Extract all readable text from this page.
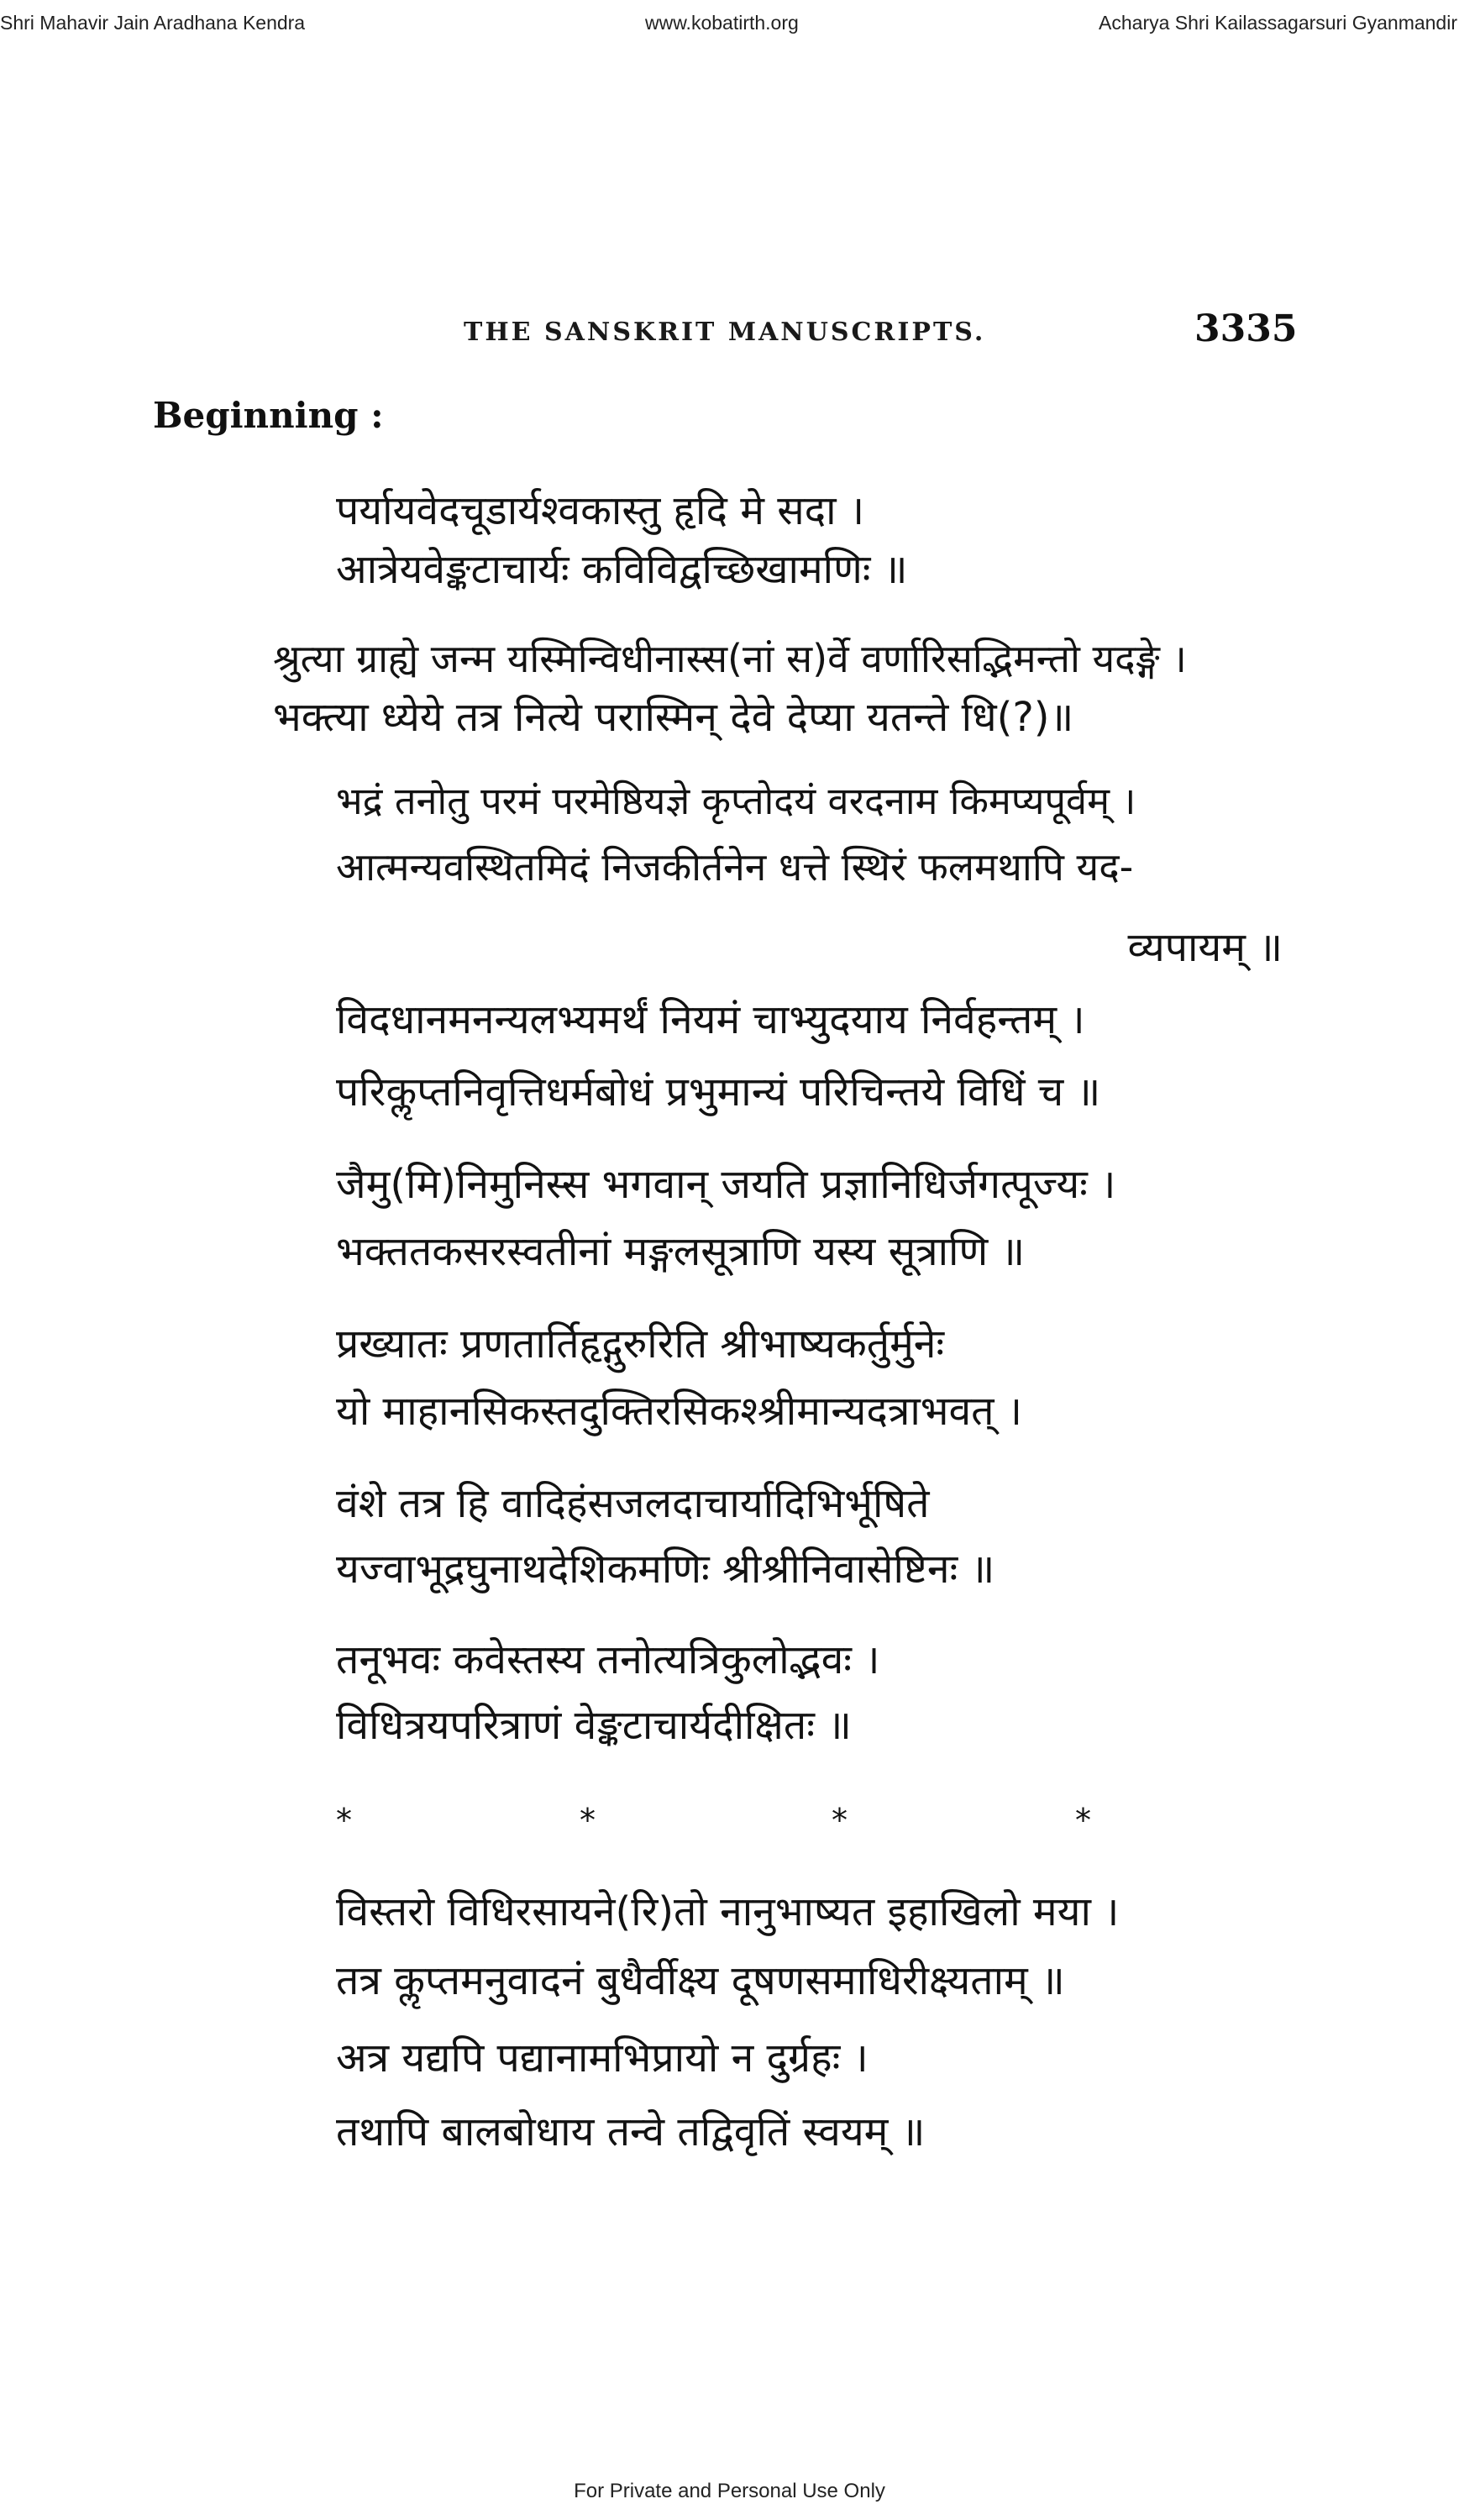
Shri Mahavir Jain Aradhana Kendra	www.kobatirth.org	Acharya Shri Kailassagarsuri Gyanmandir
THE SANSKRIT MANUSCRIPTS.	3335
Beginning :
पर्यायवेदचूडार्यश्वकास्तु हृदि मे सदा ।
आत्रेयवेङ्कटाचार्यः कविविद्वच्छिखामणिः ॥
श्रुत्या ग्राह्ये जन्म यस्मिन्विधीनास्स(नां स)र्वे वर्णारिसद्भिमन्तो यदङ्गे ।
भक्त्या ध्येये तत्र नित्ये परास्मिन् देवे देप्या यतन्ते धि(?)॥
भद्रं तनोतु परमं परमेष्ठियज्ञे कृप्तोदयं वरदनाम किमप्यपूर्वम् ।
आत्मन्यवस्थितमिदं निजकीर्तनेन धत्ते स्थिरं फलमथापि यद-
व्यपायम् ॥
विदधानमनन्यलभ्यमर्थं नियमं चाभ्युदयाय निर्वहन्तम् ।
परिकॢप्तनिवृत्तिधर्मबोधं प्रभुमान्यं परिचिन्तये विधिं च ॥
जैमु(मि)निमुनिस्स भगवान् जयति प्रज्ञानिधिर्जगत्पूज्यः ।
भक्ततकसरस्वतीनां मङ्गलसूत्राणि यस्य सूत्राणि ॥
प्रख्यातः प्रणतार्तिहृद्गुरुरिति श्रीभाष्यकर्तुर्मुनेः
यो माहानसिकस्तदुक्तिरसिकश्श्रीमान्यदत्राभवत् ।
वंशे तत्र हि वादिहंसजलदाचार्यादिभिर्भूषिते
यज्वाभूद्रघुनाथदेशिकमणिः श्रीश्रीनिवासेष्टिनः ॥
तनूभवः कवेस्तस्य तनोत्यत्रिकुलोद्भवः ।
विधित्रयपरित्राणं वेङ्कटाचार्यदीक्षितः ॥
*	*	*	*
विस्तरो विधिरसायने(रि)तो नानुभाष्यत इहाखिलो मया ।
तत्र कॢप्तमनुवादनं बुधैर्वीक्ष्य दूषणसमाधिरीक्ष्यताम् ॥
अत्र यद्यपि पद्यानामभिप्रायो न दुर्ग्रहः ।
तथापि बालबोधाय तन्वे तद्विवृतिं स्वयम् ॥
For Private and Personal Use Only
